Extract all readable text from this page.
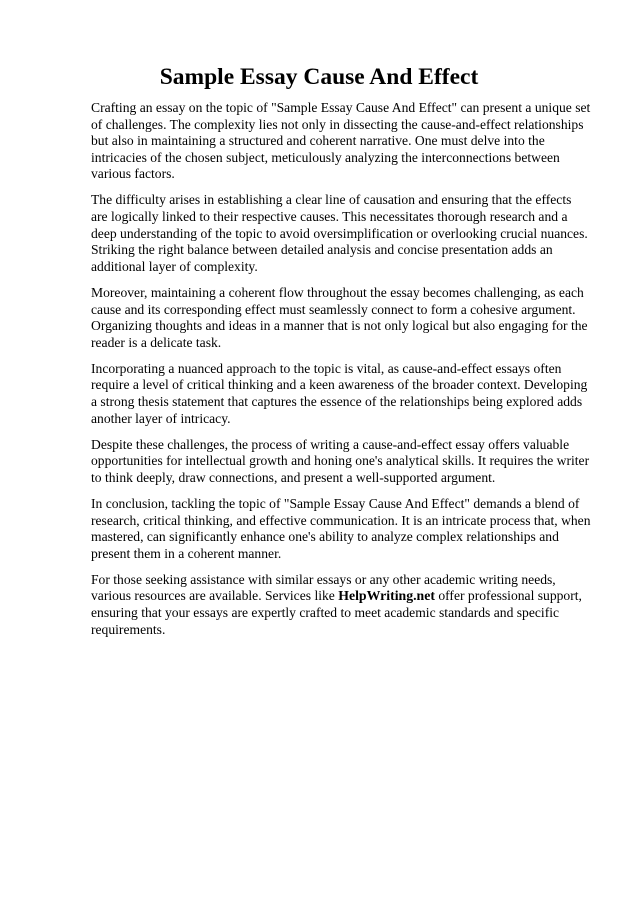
Sample Essay Cause And Effect

Crafting an essay on the topic of "Sample Essay Cause And Effect" can present a unique set of challenges. The complexity lies not only in dissecting the cause-and-effect relationships but also in maintaining a structured and coherent narrative. One must delve into the intricacies of the chosen subject, meticulously analyzing the interconnections between various factors.

The difficulty arises in establishing a clear line of causation and ensuring that the effects are logically linked to their respective causes. This necessitates thorough research and a deep understanding of the topic to avoid oversimplification or overlooking crucial nuances. Striking the right balance between detailed analysis and concise presentation adds an additional layer of complexity.

Moreover, maintaining a coherent flow throughout the essay becomes challenging, as each cause and its corresponding effect must seamlessly connect to form a cohesive argument. Organizing thoughts and ideas in a manner that is not only logical but also engaging for the reader is a delicate task.

Incorporating a nuanced approach to the topic is vital, as cause-and-effect essays often require a level of critical thinking and a keen awareness of the broader context. Developing a strong thesis statement that captures the essence of the relationships being explored adds another layer of intricacy.

Despite these challenges, the process of writing a cause-and-effect essay offers valuable opportunities for intellectual growth and honing one's analytical skills. It requires the writer to think deeply, draw connections, and present a well-supported argument.

In conclusion, tackling the topic of "Sample Essay Cause And Effect" demands a blend of research, critical thinking, and effective communication. It is an intricate process that, when mastered, can significantly enhance one's ability to analyze complex relationships and present them in a coherent manner.

For those seeking assistance with similar essays or any other academic writing needs, various resources are available. Services like HelpWriting.net offer professional support, ensuring that your essays are expertly crafted to meet academic standards and specific requirements.
